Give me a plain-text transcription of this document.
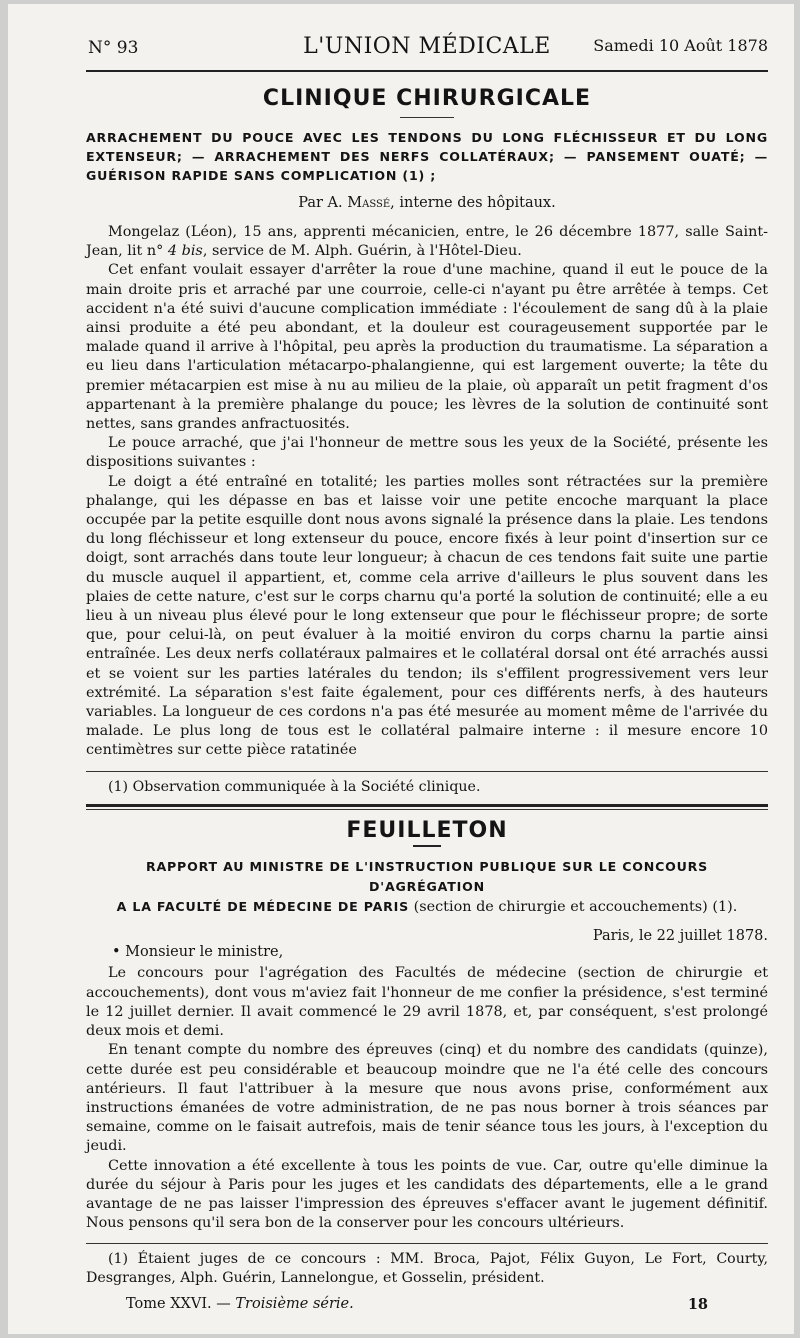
N° 93	L'UNION MÉDICALE	Samedi 10 Août 1878
CLINIQUE CHIRURGICALE
ARRACHEMENT DU POUCE AVEC LES TENDONS DU LONG FLÉCHISSEUR ET DU LONG EXTENSEUR; — ARRACHEMENT DES NERFS COLLATÉRAUX; — PANSEMENT OUATÉ; — GUÉRISON RAPIDE SANS COMPLICATION (1) ;
Par A. Massé, interne des hôpitaux.

Mongelaz (Léon), 15 ans, apprenti mécanicien, entre, le 26 décembre 1877, salle Saint-Jean, lit n° 4 bis, service de M. Alph. Guérin, à l'Hôtel-Dieu.

Cet enfant voulait essayer d'arrêter la roue d'une machine, quand il eut le pouce de la main droite pris et arraché par une courroie, celle-ci n'ayant pu être arrêtée à temps. Cet accident n'a été suivi d'aucune complication immédiate : l'écoulement de sang dû à la plaie ainsi produite a été peu abondant, et la douleur est courageusement supportée par le malade quand il arrive à l'hôpital, peu après la production du traumatisme. La séparation a eu lieu dans l'articulation métacarpo-phalangienne, qui est largement ouverte; la tête du premier métacarpien est mise à nu au milieu de la plaie, où apparaît un petit fragment d'os appartenant à la première phalange du pouce; les lèvres de la solution de continuité sont nettes, sans grandes anfractuosités.

Le pouce arraché, que j'ai l'honneur de mettre sous les yeux de la Société, présente les dispositions suivantes :

Le doigt a été entraîné en totalité; les parties molles sont rétractées sur la première phalange, qui les dépasse en bas et laisse voir une petite encoche marquant la place occupée par la petite esquille dont nous avons signalé la présence dans la plaie. Les tendons du long fléchisseur et long extenseur du pouce, encore fixés à leur point d'insertion sur ce doigt, sont arrachés dans toute leur longueur; à chacun de ces tendons fait suite une partie du muscle auquel il appartient, et, comme cela arrive d'ailleurs le plus souvent dans les plaies de cette nature, c'est sur le corps charnu qu'a porté la solution de continuité; elle a eu lieu à un niveau plus élevé pour le long extenseur que pour le fléchisseur propre; de sorte que, pour celui-là, on peut évaluer à la moitié environ du corps charnu la partie ainsi entraînée. Les deux nerfs collatéraux palmaires et le collatéral dorsal ont été arrachés aussi et se voient sur les parties latérales du tendon; ils s'effilent progressivement vers leur extrémité. La séparation s'est faite également, pour ces différents nerfs, à des hauteurs variables. La longueur de ces cordons n'a pas été mesurée au moment même de l'arrivée du malade. Le plus long de tous est le collatéral palmaire interne : il mesure encore 10 centimètres sur cette pièce ratatinée

(1) Observation communiquée à la Société clinique.
FEUILLETON
RAPPORT AU MINISTRE DE L'INSTRUCTION PUBLIQUE SUR LE CONCOURS D'AGRÉGATION
A LA FACULTÉ DE MÉDECINE DE PARIS (section de chirurgie et accouchements) (1).
Paris, le 22 juillet 1878.
• Monsieur le ministre,

Le concours pour l'agrégation des Facultés de médecine (section de chirurgie et accouchements), dont vous m'aviez fait l'honneur de me confier la présidence, s'est terminé le 12 juillet dernier. Il avait commencé le 29 avril 1878, et, par conséquent, s'est prolongé deux mois et demi.

En tenant compte du nombre des épreuves (cinq) et du nombre des candidats (quinze), cette durée est peu considérable et beaucoup moindre que ne l'a été celle des concours antérieurs. Il faut l'attribuer à la mesure que nous avons prise, conformément aux instructions émanées de votre administration, de ne pas nous borner à trois séances par semaine, comme on le faisait autrefois, mais de tenir séance tous les jours, à l'exception du jeudi.

Cette innovation a été excellente à tous les points de vue. Car, outre qu'elle diminue la durée du séjour à Paris pour les juges et les candidats des départements, elle a le grand avantage de ne pas laisser l'impression des épreuves s'effacer avant le jugement définitif. Nous pensons qu'il sera bon de la conserver pour les concours ultérieurs.

(1) Étaient juges de ce concours : MM. Broca, Pajot, Félix Guyon, Le Fort, Courty, Desgranges, Alph. Guérin, Lannelongue, et Gosselin, président.
Tome XXVI. — Troisième série.	18
